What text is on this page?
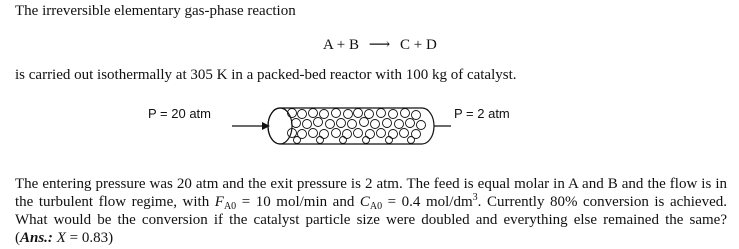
The irreversible elementary gas-phase reaction
A + B ⟶ C + D
is carried out isothermally at 305 K in a packed-bed reactor with 100 kg of catalyst.
P = 20 atm	P = 2 atm
The entering pressure was 20 atm and the exit pressure is 2 atm. The feed is equal molar in A and B and the flow is in the turbulent flow regime, with $F_{A0} = 10$ mol/min and $C_{A0} = 0.4$ mol/$dm^3$. Currently 80% conversion is achieved. What would be the conversion if the catalyst particle size were doubled and everything else remained the same? (Ans.: X = 0.83)
